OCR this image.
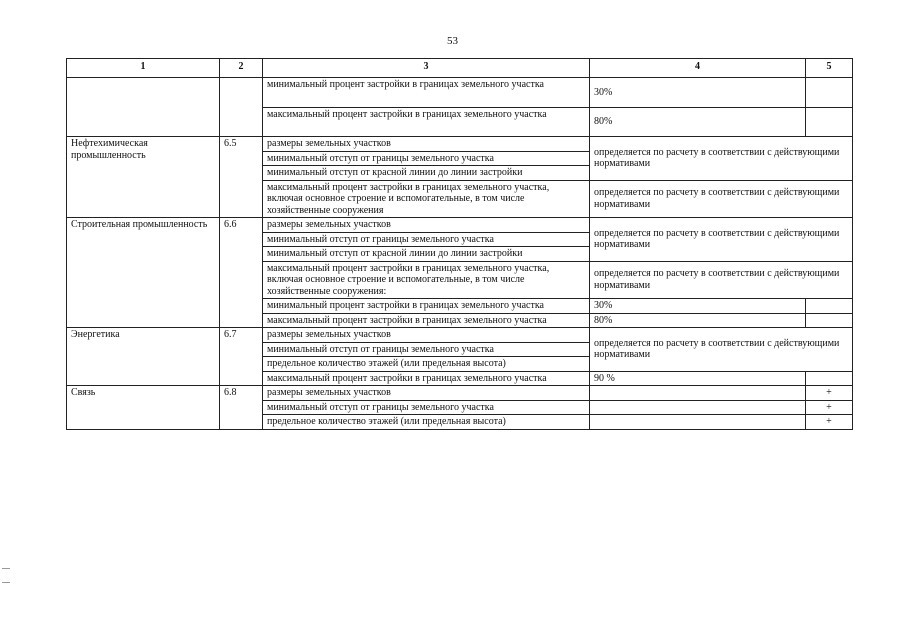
53
1	2	3	4	5
		минимальный процент застройки в границах земельного участка	30%	
		максимальный процент застройки в границах земельного участка	80%	
Нефтехимическая промышленность	6.5	размеры земельных участков	определяется по расчету в соответствии с действующими нормативами	
		минимальный отступ от границы земельного участка		
		минимальный отступ от красной линии до линии застройки		
		максимальный процент застройки в границах земельного участка, включая основное строение и вспомогательные, в том числе хозяйственные сооружения	определяется по расчету в соответствии с действующими нормативами	
Строительная промышленность	6.6	размеры земельных участков	определяется по расчету в соответствии с действующими нормативами	
		минимальный отступ от границы земельного участка		
		минимальный отступ от красной линии до линии застройки		
		максимальный процент застройки в границах земельного участка, включая основное строение и вспомогательные, в том числе хозяйственные сооружения:	определяется по расчету в соответствии с действующими нормативами	
		минимальный процент застройки в границах земельного участка	30%	
		максимальный процент застройки в границах земельного участка	80%	
Энергетика	6.7	размеры земельных участков	определяется по расчету в соответствии с действующими нормативами	
		минимальный отступ от границы земельного участка		
		предельное количество этажей (или предельная высота)		
		максимальный процент застройки в границах земельного участка	90 %	
Связь	6.8	размеры земельных участков		+
		минимальный отступ от границы земельного участка		+
		предельное количество этажей (или предельная высота)		+
